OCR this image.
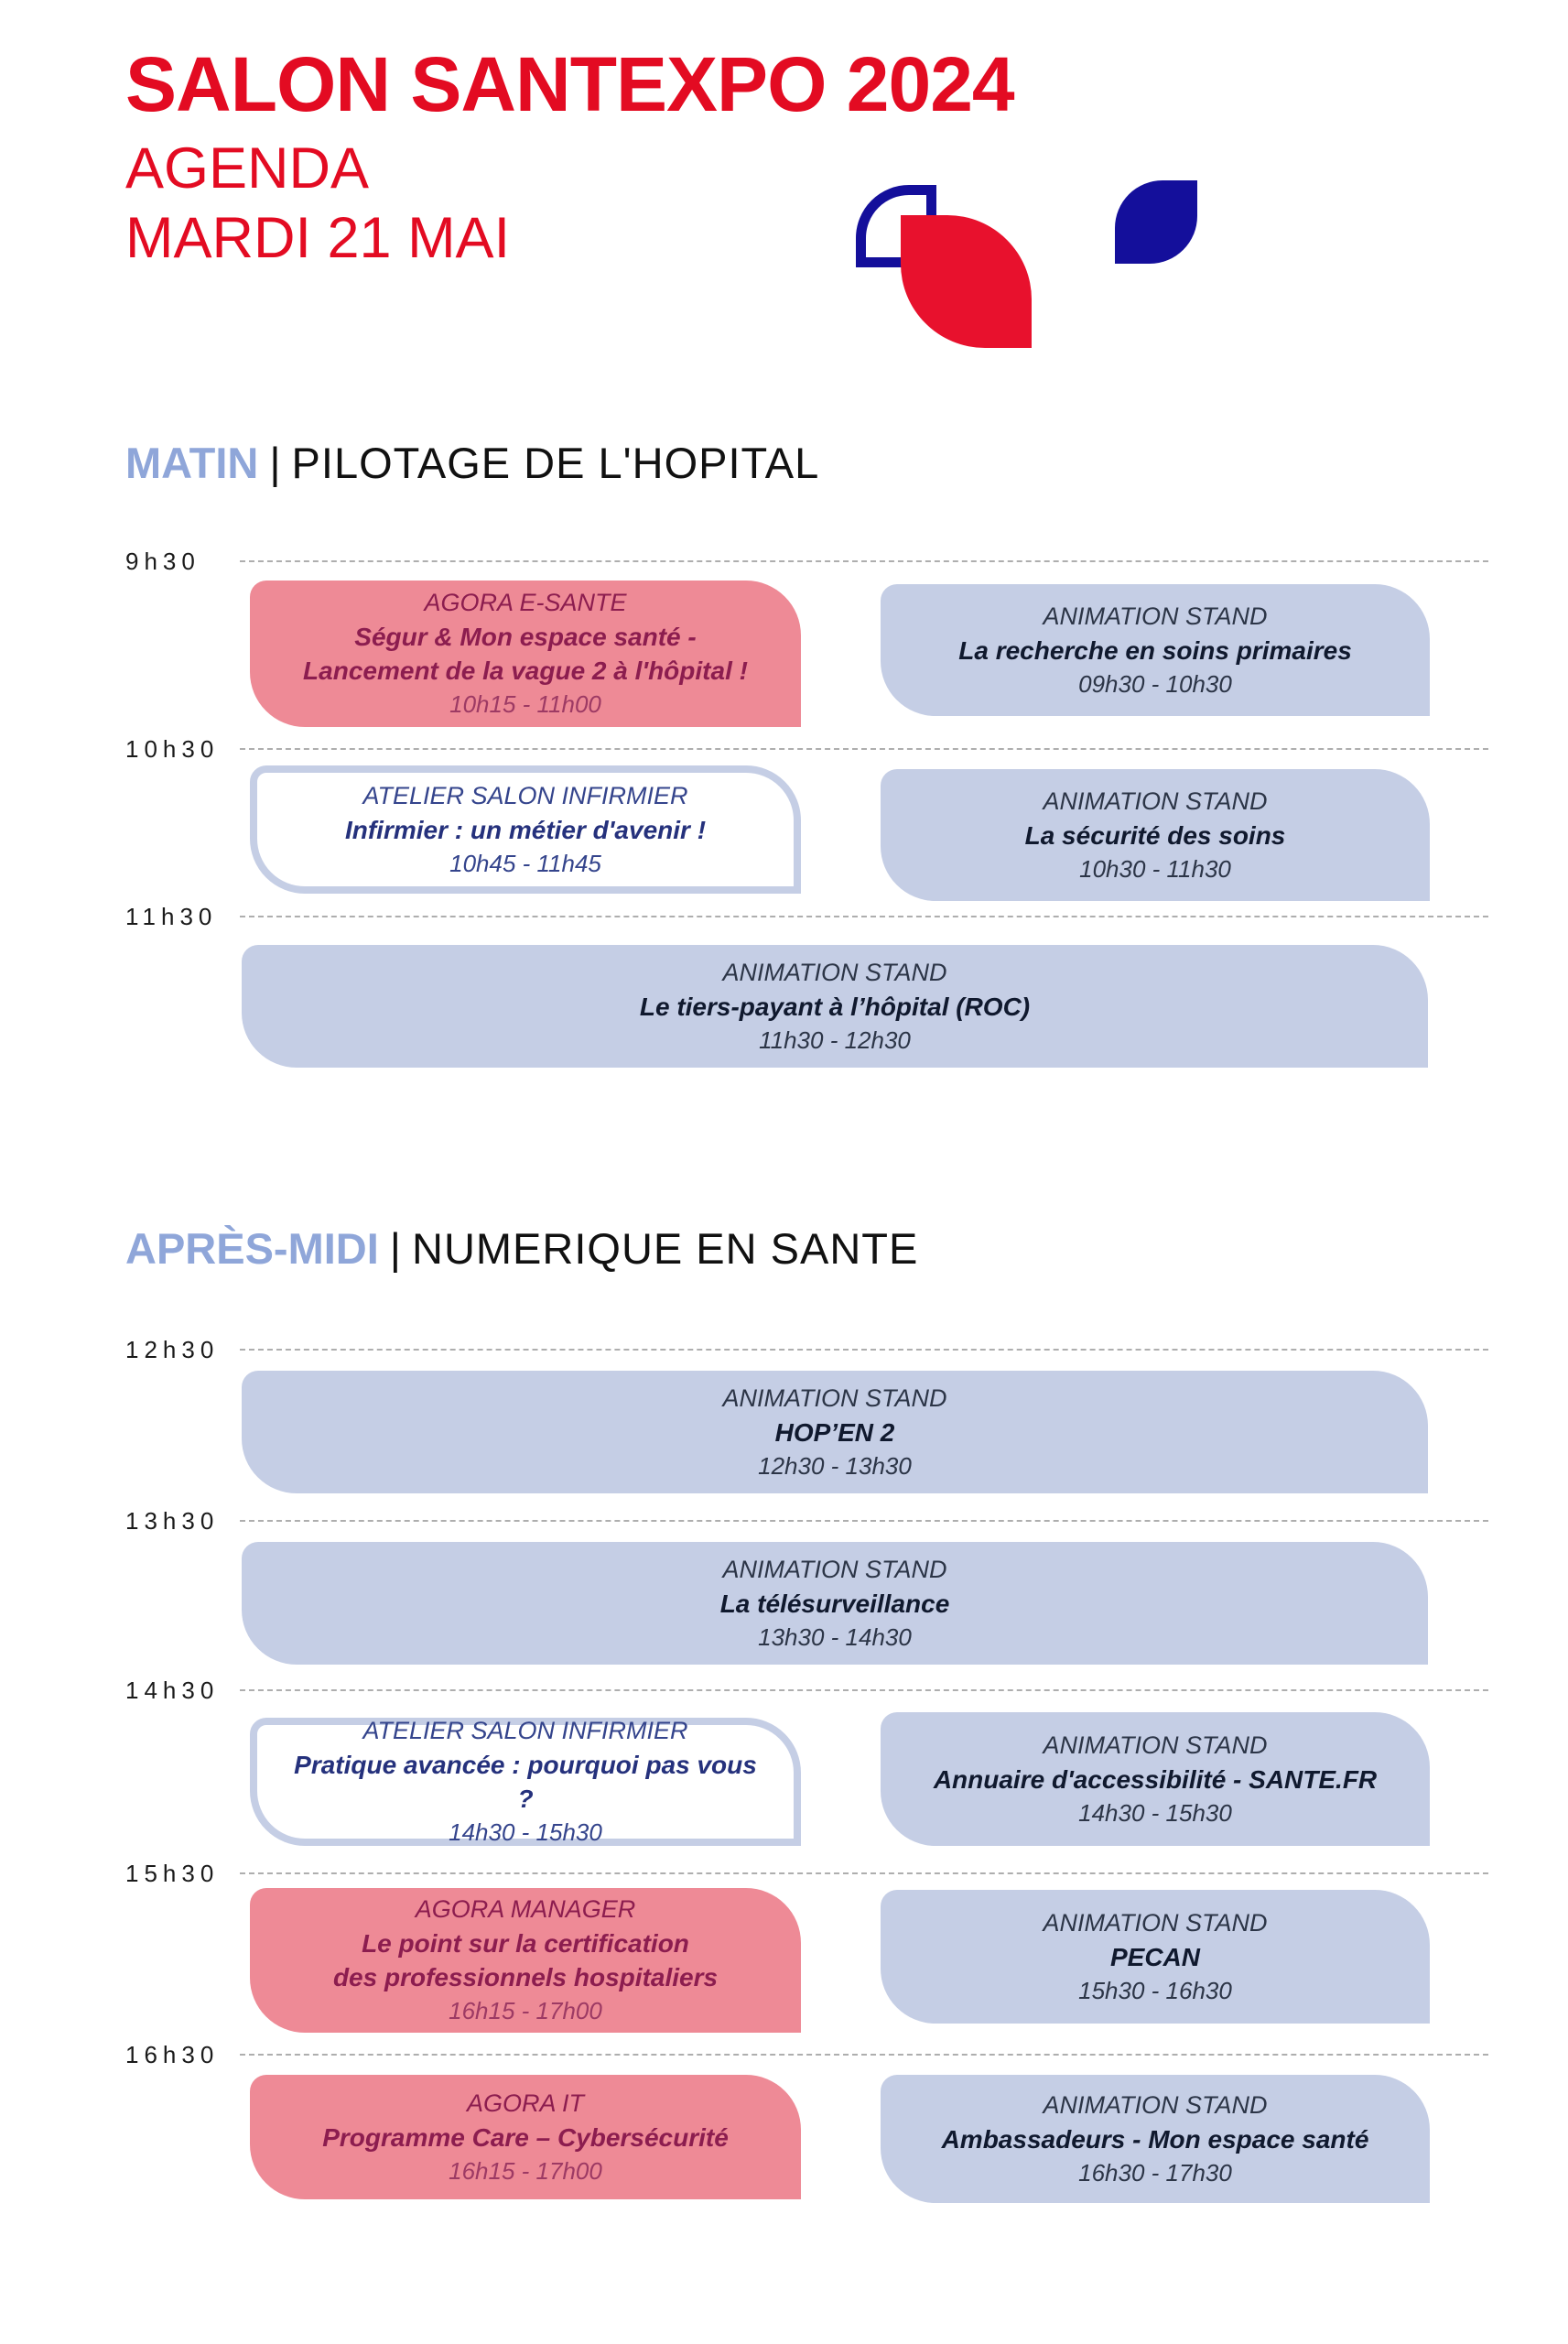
SALON SANTEXPO 2024
AGENDA
MARDI 21 MAI
MATIN | PILOTAGE DE L'HOPITAL
9h30
10h30
11h30
AGORA E-SANTE
Ségur & Mon espace santé -
Lancement de la vague 2 à l'hôpital !
10h15 - 11h00
ANIMATION STAND
La recherche en soins primaires
09h30 - 10h30
ATELIER SALON INFIRMIER
Infirmier : un métier d'avenir !
10h45 - 11h45
ANIMATION STAND
La sécurité des soins
10h30 - 11h30
ANIMATION STAND
Le tiers-payant à l’hôpital (ROC)
11h30 - 12h30
APRÈS-MIDI | NUMERIQUE EN SANTE
12h30
13h30
14h30
15h30
16h30
ANIMATION STAND
HOP’EN 2
12h30 - 13h30
ANIMATION STAND
La télésurveillance
13h30 - 14h30
ATELIER SALON INFIRMIER
Pratique avancée : pourquoi pas vous ?
14h30 - 15h30
ANIMATION STAND
Annuaire d'accessibilité - SANTE.FR
14h30 - 15h30
AGORA MANAGER
Le point sur la certification
des professionnels hospitaliers
16h15 - 17h00
ANIMATION STAND
PECAN
15h30 - 16h30
AGORA IT
Programme Care – Cybersécurité
16h15 - 17h00
ANIMATION STAND
Ambassadeurs - Mon espace santé
16h30 - 17h30
